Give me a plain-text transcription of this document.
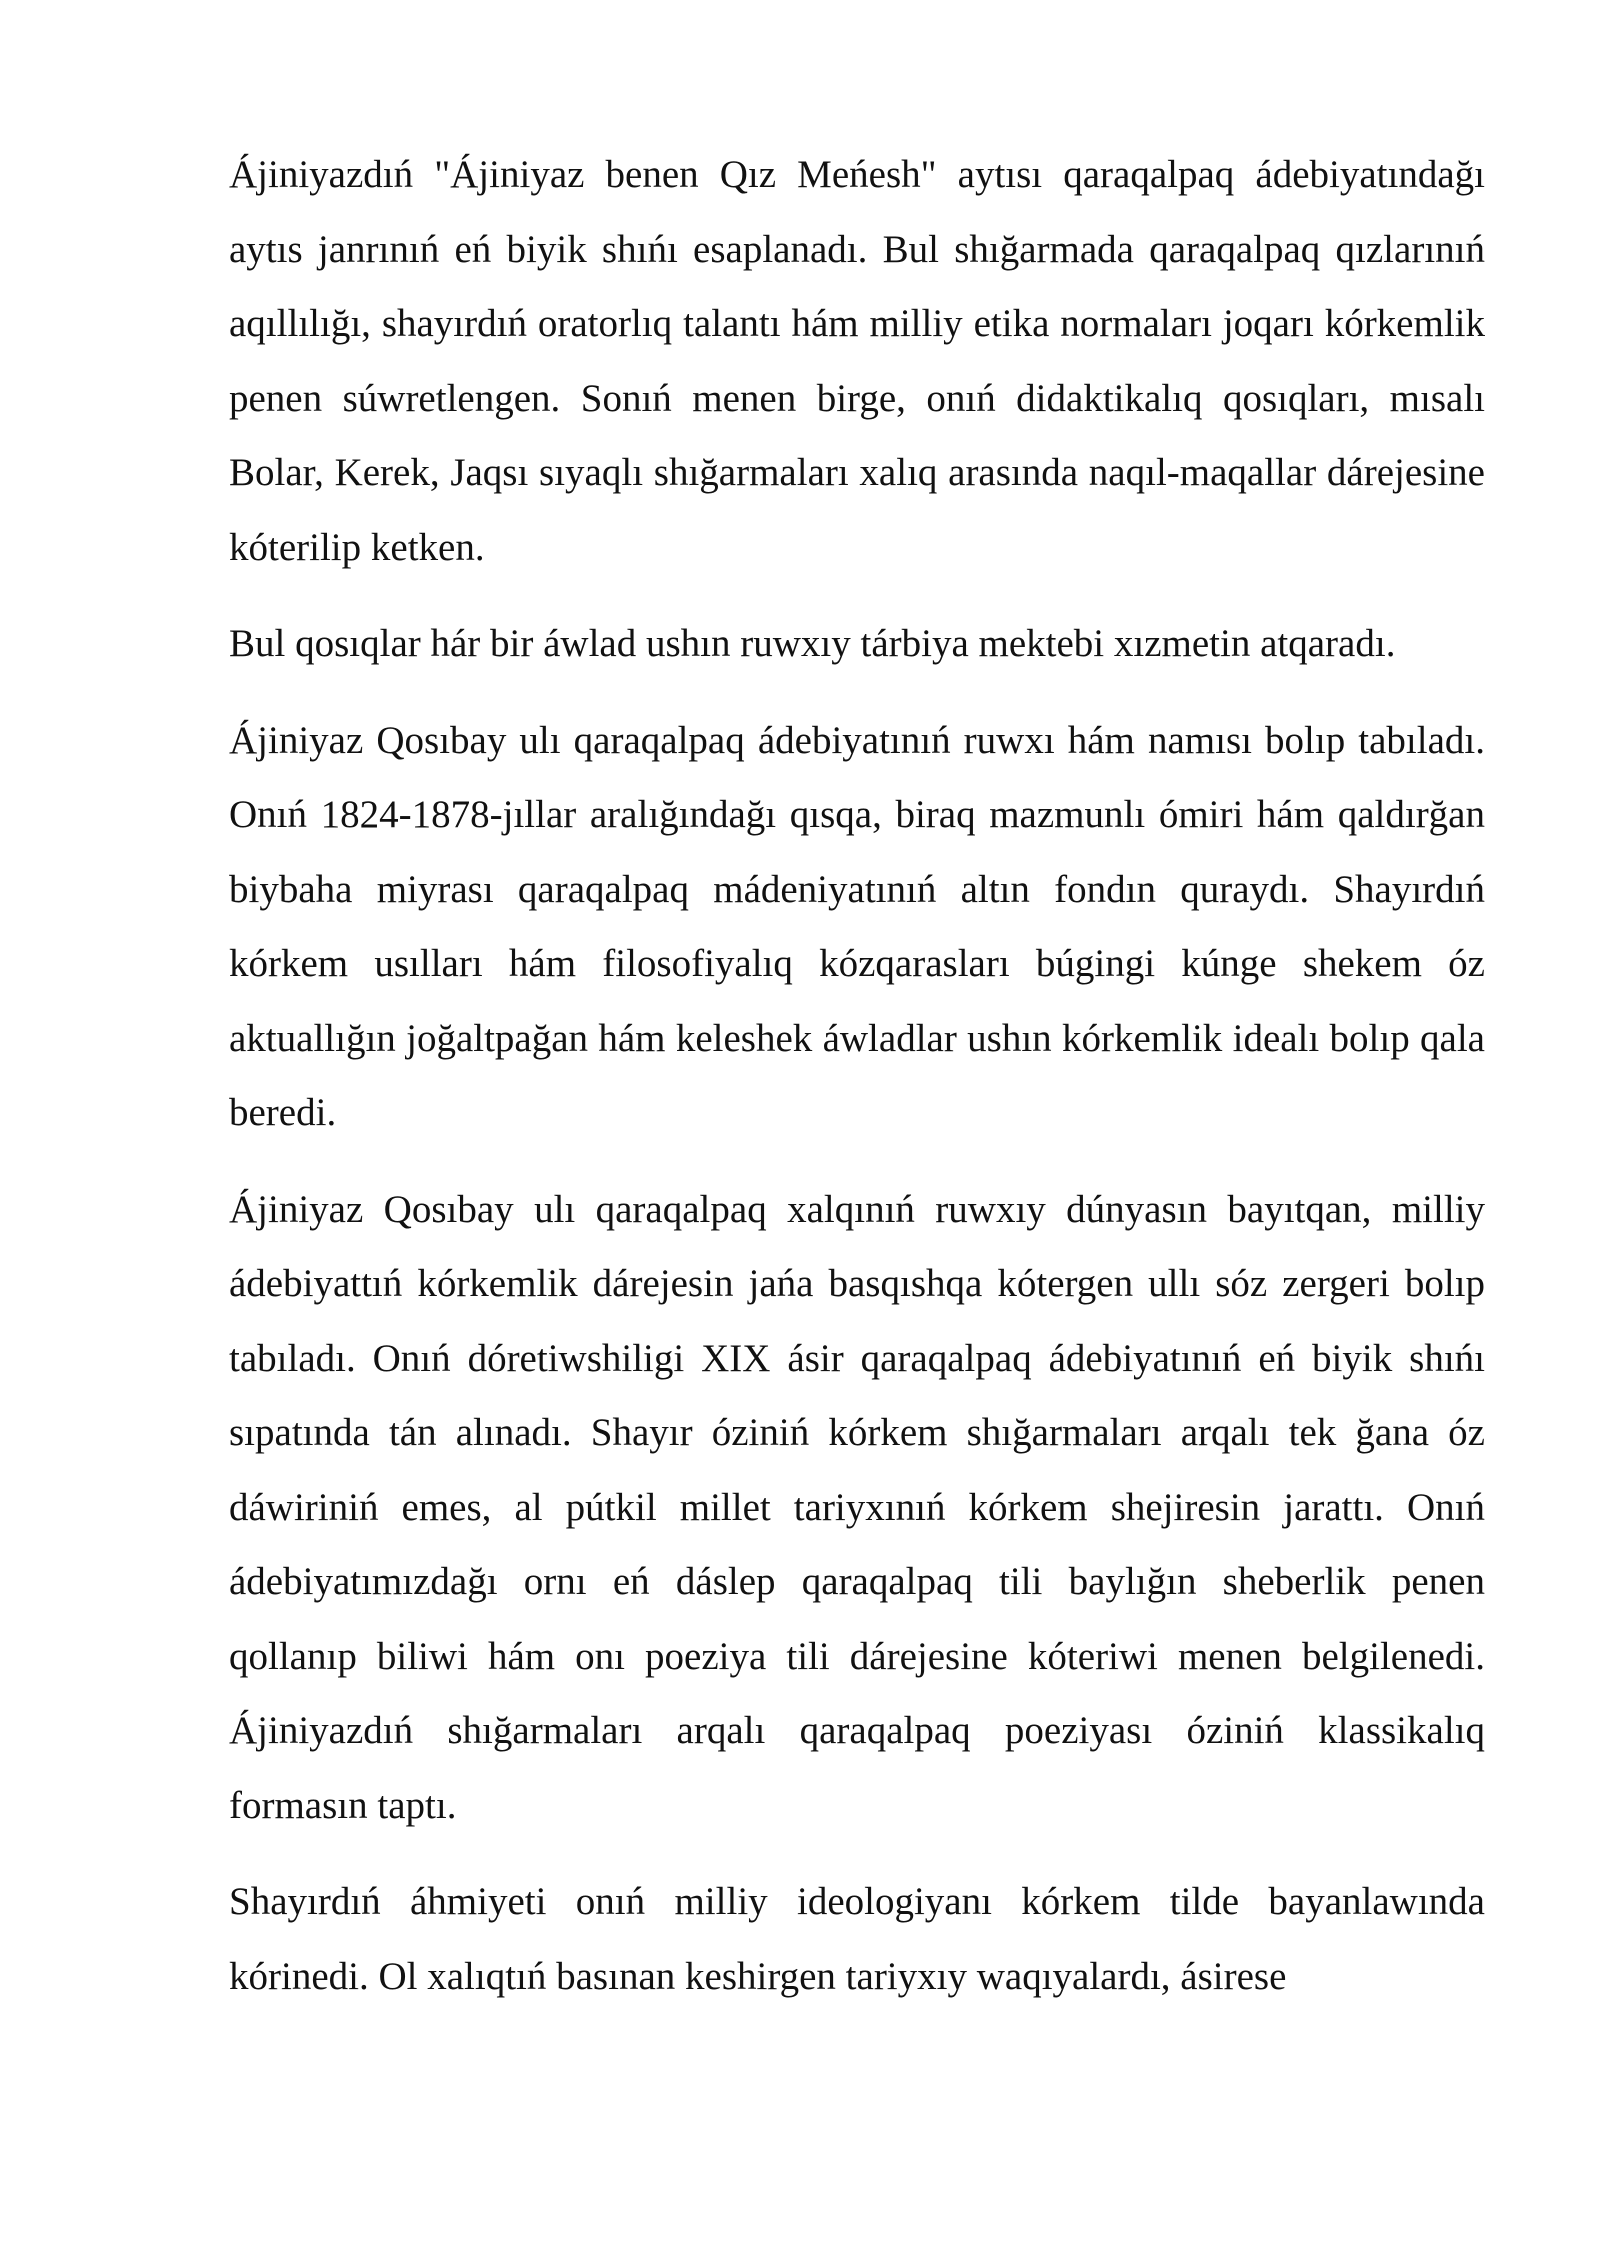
Ájiniyazdıń "Ájiniyaz benen Qız Meńesh" aytısı qaraqalpaq ádebiyatındağı aytıs janrınıń eń biyik shıńı esaplanadı. Bul shığarmada qaraqalpaq qızlarınıń aqıllılığı, shayırdıń oratorlıq talantı hám milliy etika normaları joqarı kórkemlik penen súwretlengen. Sonıń menen birge, onıń didaktikalıq qosıqları, mısalı Bolar, Kerek, Jaqsı sıyaqlı shığarmaları xalıq arasında naqıl-maqallar dárejesine kóterilip ketken.

Bul qosıqlar hár bir áwlad ushın ruwxıy tárbiya mektebi xızmetin atqaradı.

Ájiniyaz Qosıbay ulı qaraqalpaq ádebiyatınıń ruwxı hám namısı bolıp tabıladı. Onıń 1824-1878-jıllar aralığındağı qısqa, biraq mazmunlı ómiri hám qaldırğan biybaha miyrası qaraqalpaq mádeniyatınıń altın fondın quraydı. Shayırdıń kórkem usılları hám filosofiyalıq kózqarasları búgingi kúnge shekem óz aktuallığın joğaltpağan hám keleshek áwladlar ushın kórkemlik idealı bolıp qala beredi.

Ájiniyaz Qosıbay ulı qaraqalpaq xalqınıń ruwxıy dúnyasın bayıtqan, milliy ádebiyattıń kórkemlik dárejesin jańa basqıshqa kótergen ullı sóz zergeri bolıp tabıladı. Onıń dóretiwshiligi XIX ásir qaraqalpaq ádebiyatınıń eń biyik shıńı sıpatında tán alınadı. Shayır óziniń kórkem shığarmaları arqalı tek ğana óz dáwiriniń emes, al pútkil millet tariyxınıń kórkem shejiresin jarattı. Onıń ádebiyatımızdağı ornı eń dáslep qaraqalpaq tili baylığın sheberlik penen qollanıp biliwi hám onı poeziya tili dárejesine kóteriwi menen belgilenedi. Ájiniyazdıń shığarmaları arqalı qaraqalpaq poeziyası óziniń klassikalıq formasın taptı.

Shayırdıń áhmiyeti onıń milliy ideologiyanı kórkem tilde bayanlawında kórinedi. Ol xalıqtıń basınan keshirgen tariyxıy waqıyalardı, ásirese
